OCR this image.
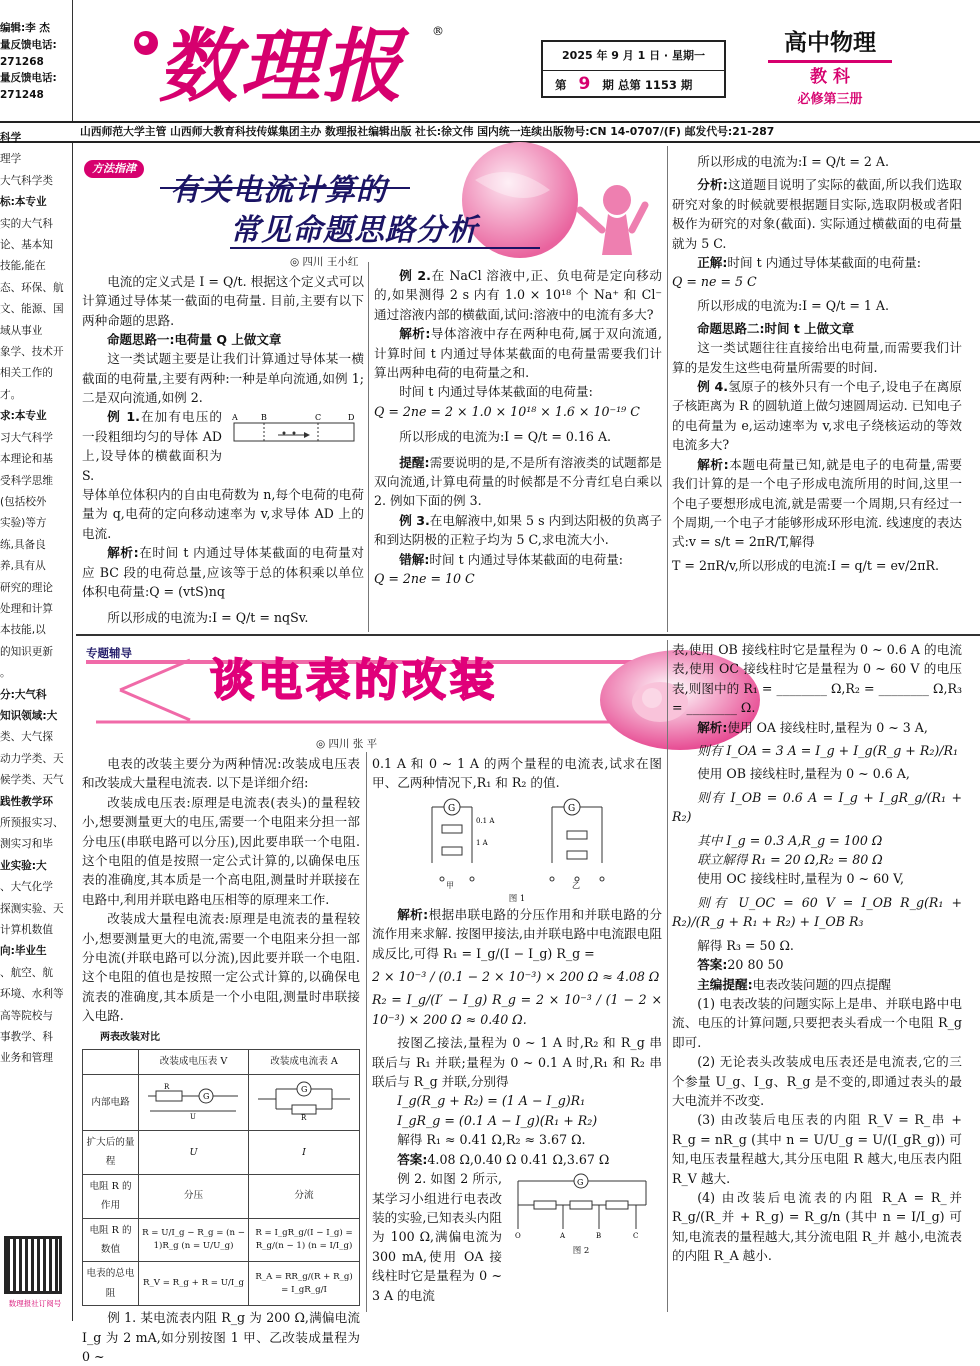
编辑:李 杰
量反馈电话:
271268
量反馈电话:
271248	数理报 ®
2025 年 9 月 1 日 · 星期一
第 9 期 总第 1153 期
高中物理
教 科
必修第三册
山西师范大学主管 山西师大教育科技传媒集团主办 数理报社编辑出版 社长:徐文伟 国内统一连续出版物号:CN 14-0707/(F) 邮发代号:21-287

科学

理学

大气科学类

标:本专业

实的大气科

论、基本知

技能,能在

态、环保、航

文、能源、国

域从事业

象学、技术开

相关工作的

才。

求:本专业

习大气科学

本理论和基

受科学思维

(包括校外

实验)等方

练,具备良

养,具有从

研究的理论

处理和计算

本技能,以

的知识更新

。

分:大气科

知识领域:大

类、大气探

动力学类、天

候学类、天气

践性教学环

所预报实习、

测实习和毕

业实验:大

、大气化学

探测实验、天

计算机数值

向:毕业生

、航空、航

环境、水利等

高等院校与

事教学、科

业务和管理

数理报社订阅号
方法指津
有关电流计算的
常见命题思路分析
◎ 四川 王小红

电流的定义式是 I = Q/t. 根据这个定义式可以计算通过导体某一截面的电荷量. 目前,主要有以下两种命题的思路.

命题思路一:电荷量 Q 上做文章

这一类试题主要是让我们计算通过导体某一横截面的电荷量,主要有两种:一种是单向流通,如例 1;二是双向流通,如例 2.

例 1.在加有电压的一段粗细均匀的导体 AD 上,设导体的横截面积为 S.

A	B	C	D

导体单位体积内的自由电荷数为 n,每个电荷的电荷量为 q,电荷的定向移动速率为 v,求导体 AD 上的电流.

解析:在时间 t 内通过导体某截面的电荷量对应 BC 段的电荷总量,应该等于总的体积乘以单位体积电荷量:Q = (vtS)nq

所以形成的电流为:I = Q/t = nqSv.

例 2.在 NaCl 溶液中,正、负电荷是定向移动的,如果测得 2 s 内有 1.0 × 10¹⁸ 个 Na⁺ 和 Cl⁻ 通过溶液内部的横截面,试问:溶液中的电流有多大?

解析:导体溶液中存在两种电荷,属于双向流通,计算时间 t 内通过导体某截面的电荷量需要我们计算出两种电荷的电荷量之和.

时间 t 内通过导体某截面的电荷量:

Q = 2ne = 2 × 1.0 × 10¹⁸ × 1.6 × 10⁻¹⁹ C

所以形成的电流为:I = Q/t = 0.16 A.

提醒:需要说明的是,不是所有溶液类的试题都是双向流通,计算电荷量的时候都是不分青红皂白乘以 2. 例如下面的例 3.

例 3.在电解液中,如果 5 s 内到达阳极的负离子和到达阴极的正粒子均为 5 C,求电流大小.

错解:时间 t 内通过导体某截面的电荷量:

Q = 2ne = 10 C

所以形成的电流为:I = Q/t = 2 A.

分析:这道题目说明了实际的截面,所以我们选取研究对象的时候就要根据题目实际,选取阴极或者阳极作为研究的对象(截面). 实际通过横截面的电荷量就为 5 C.

正解:时间 t 内通过导体某截面的电荷量:

Q = ne = 5 C

所以形成的电流为:I = Q/t = 1 A.

命题思路二:时间 t 上做文章

这一类试题往往直接给出电荷量,而需要我们计算的是发生这些电荷量所需要的时间.

例 4.氢原子的核外只有一个电子,设电子在离原子核距离为 R 的圆轨道上做匀速圆周运动. 已知电子的电荷量为 e,运动速率为 v,求电子绕核运动的等效电流多大?

解析:本题电荷量已知,就是电子的电荷量,需要我们计算的是一个电子形成电流所用的时间,这里一个电子要想形成电流,就是需要一个周期,只有经过一个周期,一个电子才能够形成环形电流. 线速度的表达式:v = s/t = 2πR/T,解得

T = 2πR/v,所以形成的电流:I = q/t = ev/2πR.

专题辅导
谈电表的改装
◎ 四川 张 平

电表的改装主要分为两种情况:改装成电压表和改装成大量程电流表. 以下是详细介绍:

改装成电压表:原理是电流表(表头)的量程较小,想要测量更大的电压,需要一个电阻来分担一部分电压(串联电路可以分压),因此要串联一个电阻. 这个电阻的值是按照一定公式计算的,以确保电压表的准确度,其本质是一个高电阻,测量时并联接在电路中,利用并联电路电压相等的原理来工作.

改装成大量程电流表:原理是电流表的量程较小,想要测量更大的电流,需要一个电阻来分担一部分电流(并联电路可以分流),因此要并联一个电阻. 这个电阻的值也是按照一定公式计算的,以确保电流表的准确度,其本质是一个小电阻,测量时串联接入电路.

两表改装对比
	改装成电压表 V	改装成电流表 A
内部电路	R
G
U	G
R

扩大后的量程	U	I
电阻 R 的作用	分压	分流
电阻 R 的数值	R = U/I_g − R_g = (n − 1)R_g (n = U/U_g)	R = I_gR_g/(I − I_g) = R_g/(n − 1) (n = I/I_g)
电表的总电阻	R_V = R_g + R = U/I_g	R_A = RR_g/(R + R_g) = I_gR_g/I

例 1. 某电流表内阻 R_g 为 200 Ω,满偏电流 I_g 为 2 mA,如分别按图 1 甲、乙改装成量程为 0 ~

0.1 A 和 0 ~ 1 A 的两个量程的电流表,试求在图甲、乙两种情况下,R₁ 和 R₂ 的值.

G
0.1 A
1 A
G
甲	乙
图 1

解析:根据串联电路的分压作用和并联电路的分流作用来求解. 按图甲接法,由并联电路中电流跟电阻成反比,可得 R₁ = I_g/(I − I_g) R_g =

2 × 10⁻³ / (0.1 − 2 × 10⁻³) × 200 Ω ≈ 4.08 Ω

R₂ = I_g/(I′ − I_g) R_g = 2 × 10⁻³ / (1 − 2 × 10⁻³) × 200 Ω ≈ 0.40 Ω.

按图乙接法,量程为 0 ~ 1 A 时,R₂ 和 R_g 串联后与 R₁ 并联;量程为 0 ~ 0.1 A 时,R₁ 和 R₂ 串联后与 R_g 并联,分别得

I_g(R_g + R₂) = (1 A − I_g)R₁

I_gR_g = (0.1 A − I_g)(R₁ + R₂)

解得 R₁ ≈ 0.41 Ω,R₂ ≈ 3.67 Ω.

答案:4.08 Ω,0.40 Ω 0.41 Ω,3.67 Ω

例 2. 如图 2 所示,某学习小组进行电表改装的实验,已知表头内阻为 100 Ω,满偏电流为 300 mA,使用 OA 接线柱时它是量程为 0 ~ 3 A 的电流

G
O	A	B	C
图 2

表,使用 OB 接线柱时它是量程为 0 ~ 0.6 A 的电流表,使用 OC 接线柱时它是量程为 0 ~ 60 V 的电压表,则图中的 R₁ = ________ Ω,R₂ = ________ Ω,R₃ = ________ Ω.

解析:使用 OA 接线柱时,量程为 0 ~ 3 A,

则有 I_OA = 3 A = I_g + I_g(R_g + R₂)/R₁

使用 OB 接线柱时,量程为 0 ~ 0.6 A,

则有 I_OB = 0.6 A = I_g + I_gR_g/(R₁ + R₂)

其中 I_g = 0.3 A,R_g = 100 Ω

联立解得 R₁ = 20 Ω,R₂ = 80 Ω

使用 OC 接线柱时,量程为 0 ~ 60 V,

则有 U_OC = 60 V = I_OB R_g(R₁ + R₂)/(R_g + R₁ + R₂) + I_OB R₃

解得 R₃ = 50 Ω.

答案:20 80 50

主编提醒:电表改装问题的四点提醒

(1) 电表改装的问题实际上是串、并联电路中电流、电压的计算问题,只要把表头看成一个电阻 R_g 即可.

(2) 无论表头改装成电压表还是电流表,它的三个参量 U_g、I_g、R_g 是不变的,即通过表头的最大电流并不改变.

(3) 由改装后电压表的内阻 R_V = R_串 + R_g = nR_g (其中 n = U/U_g = U/(I_gR_g)) 可知,电压表量程越大,其分压电阻 R 越大,电压表内阻 R_V 越大.

(4) 由改装后电流表的内阻 R_A = R_并R_g/(R_并 + R_g) = R_g/n (其中 n = I/I_g) 可知,电流表的量程越大,其分流电阻 R_并 越小,电流表的内阻 R_A 越小.
